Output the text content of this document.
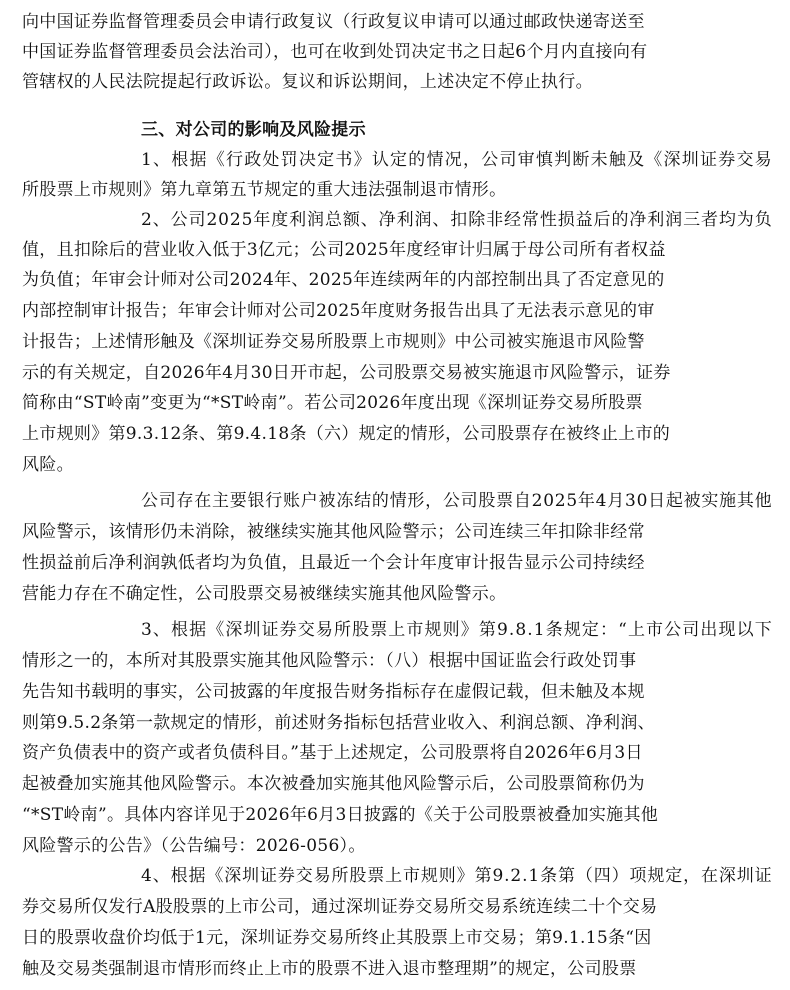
向中国证券监督管理委员会申请行政复议（行政复议申请可以通过邮政快递寄送至
中国证券监督管理委员会法治司），也可在收到处罚决定书之日起6个月内直接向有
管辖权的人民法院提起行政诉讼。复议和诉讼期间，上述决定不停止执行。
三、对公司的影响及风险提示
1、根据《行政处罚决定书》认定的情况，公司审慎判断未触及《深圳证券交易
所股票上市规则》第九章第五节规定的重大违法强制退市情形。
2、公司2025年度利润总额、净利润、扣除非经常性损益后的净利润三者均为负
值，且扣除后的营业收入低于3亿元；公司2025年度经审计归属于母公司所有者权益
为负值；年审会计师对公司2024年、2025年连续两年的内部控制出具了否定意见的
内部控制审计报告；年审会计师对公司2025年度财务报告出具了无法表示意见的审
计报告；上述情形触及《深圳证券交易所股票上市规则》中公司被实施退市风险警
示的有关规定，自2026年4月30日开市起，公司股票交易被实施退市风险警示，证券
简称由“ST岭南”变更为“*ST岭南”。若公司2026年度出现《深圳证券交易所股票
上市规则》第9.3.12条、第9.4.18条（六）规定的情形，公司股票存在被终止上市的
风险。
公司存在主要银行账户被冻结的情形，公司股票自2025年4月30日起被实施其他
风险警示，该情形仍未消除，被继续实施其他风险警示；公司连续三年扣除非经常
性损益前后净利润孰低者均为负值，且最近一个会计年度审计报告显示公司持续经
营能力存在不确定性，公司股票交易被继续实施其他风险警示。
3、根据《深圳证券交易所股票上市规则》第9.8.1条规定：“上市公司出现以下
情形之一的，本所对其股票实施其他风险警示：（八）根据中国证监会行政处罚事
先告知书载明的事实，公司披露的年度报告财务指标存在虚假记载，但未触及本规
则第9.5.2条第一款规定的情形，前述财务指标包括营业收入、利润总额、净利润、
资产负债表中的资产或者负债科目。”基于上述规定，公司股票将自2026年6月3日
起被叠加实施其他风险警示。本次被叠加实施其他风险警示后，公司股票简称仍为
“*ST岭南”。具体内容详见于2026年6月3日披露的《关于公司股票被叠加实施其他
风险警示的公告》（公告编号：2026-056）。
4、根据《深圳证券交易所股票上市规则》第9.2.1条第（四）项规定，在深圳证
券交易所仅发行A股股票的上市公司，通过深圳证券交易所交易系统连续二十个交易
日的股票收盘价均低于1元，深圳证券交易所终止其股票上市交易；第9.1.15条“因
触及交易类强制退市情形而终止上市的股票不进入退市整理期”的规定，公司股票
